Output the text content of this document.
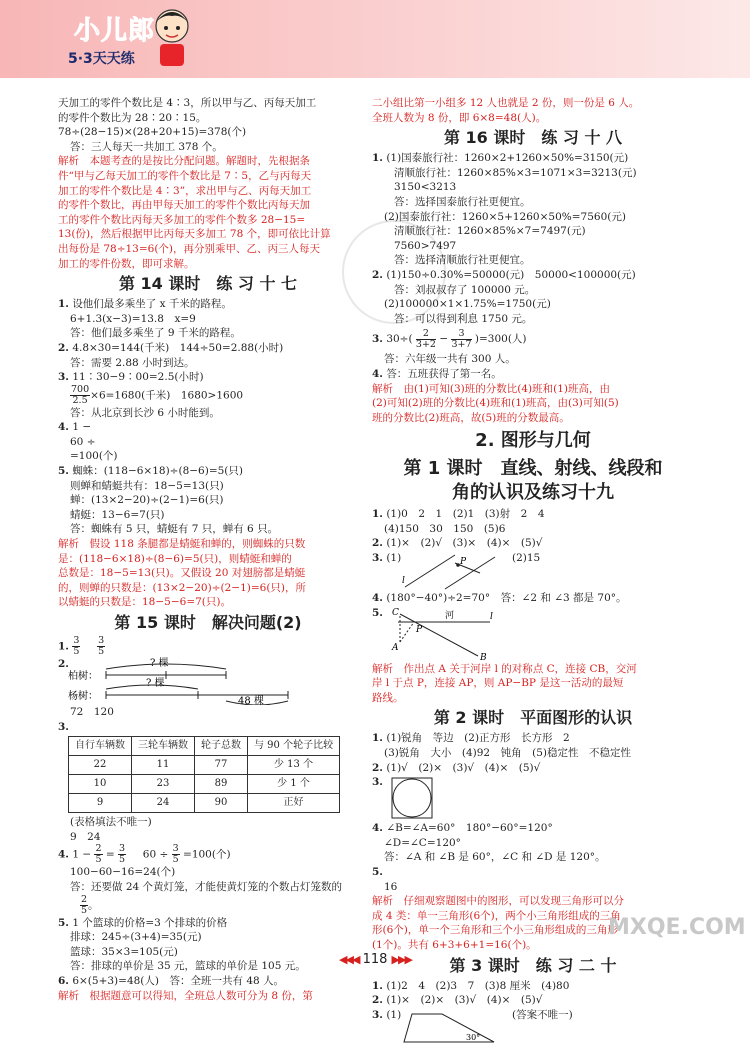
小儿郎
5·3天天练
天加工的零件个数比是 4∶3，所以甲与乙、丙每天加工
的零件个数比为 28∶20∶15。
78÷(28−15)×(28+20+15)=378(个)
答：三人每天一共加工 378 个。
解析　本题考查的是按比分配问题。解题时，先根据条
件“甲与乙每天加工的零件个数比是 7∶5，乙与丙每天
加工的零件个数比是 4∶3”，求出甲与乙、丙每天加工
的零件个数比，再由甲每天加工的零件个数比丙每天加
工的零件个数比丙每天多加工的零件个数多 28−15=
13(份)，然后根据甲比丙每天多加工 78 个，即可依比计算
出每份是 78÷13=6(个)，再分别乘甲、乙、丙三人每天
加工的零件份数，即可求解。
第 14 课时　练 习 十 七
1. 设他们最多乘坐了 x 千米的路程。
6+1.3(x−3)=13.8　x=9
答：他们最多乘坐了 9 千米的路程。
2. 4.8×30=144(千米)　144÷50=2.88(小时)
答：需要 2.88 小时到达。
3. 11∶30−9∶00=2.5(小时)
$\frac{700}{2.5} \times 6=1680$(千米)　1680>1600
答：从北京到长沙 6 小时能到。
4. 1 −
60 ÷
=100(个)
5. 蜘蛛：(118−6×18)÷(8−6)=5(只)
则蝉和蜻蜓共有：18−5=13(只)
蝉：(13×2−20)÷(2−1)=6(只)
蜻蜓：13−6=7(只)
答：蜘蛛有 5 只，蜻蜓有 7 只，蝉有 6 只。
解析　假设 118 条腿都是蜻蜓和蝉的，则蜘蛛的只数
是：(118−6×18)÷(8−6)=5(只)，则蜻蜓和蝉的
总数是：18−5=13(只)。又假设 20 对翅膀都是蜻蜓
的，则蝉的只数是：(13×2−20)÷(2−1)=6(只)，所
以蜻蜓的只数是：18−5−6=7(只)。
第 15 课时　解决问题(2)
1. $\frac{3}{5}$
$\frac{3}{5}$
2.
柏树：
杨树：
? 棵
? 棵
48 棵
72　120
3.
自行车辆数	三轮车辆数	轮子总数	与 90 个轮子比较
22	11	77	少 13 个
10	23	89	少 1 个
9	24	90	正好
(表格填法不唯一)
9　24
4. $1 - \frac{2}{5} = \frac{3}{5} 60 \div \frac{3}{5} =100$(个)
100−60−16=24(个)
答：还要做 24 个黄灯笼，才能使黄灯笼的个数占灯笼数的
$\frac{2}{5}$ 。
5. 1 个篮球的价格=3 个排球的价格
排球：245÷(3+4)=35(元)
篮球：35×3=105(元)
答：排球的单价是 35 元，篮球的单价是 105 元。
6. 6×(5+3)=48(人)　答：全班一共有 48 人。
解析　根据题意可以得知，全班总人数可分为 8 份，第
二小组比第一小组多 12 人也就是 2 份，则一份是 6 人。
全班人数为 8 份，即 6×8=48(人)。
第 16 课时　练 习 十 八
1. (1)国泰旅行社：1260×2+1260×50%=3150(元)
清顺旅行社：1260×85%×3=1071×3=3213(元)
3150<3213
答：选择国泰旅行社更便宜。
(2)国泰旅行社：1260×5+1260×50%=7560(元)
清顺旅行社：1260×85%×7=7497(元)
7560>7497
答：选择清顺旅行社更便宜。
2. (1)150÷0.30%=50000(元)　50000<100000(元)
答：刘叔叔存了 100000 元。
(2)100000×1×1.75%=1750(元)
答：可以得到利息 1750 元。
3. $30\div( \frac{2}{3+2} - \frac{3}{3+7} )=300$(人)
答：六年级一共有 300 人。
4. 答：五班获得了第一名。
解析　由(1)可知(3)班的分数比(4)班和(1)班高，由
(2)可知(2)班的分数比(4)班和(1)班高，由(3)可知(5)
班的分数比(2)班高，故(5)班的分数最高。
2. 图形与几何
第 1 课时　直线、射线、线段和
角的认识及练习十九
1. (1)0　2　1　(2)1　(3)射　2　4
(4)150　30　150　(5)6
2. (1)×　(2)√　(3)×　(4)×　(5)√
3. (1)	P
l
(2)15
4. (180°−40°)÷2=70°　答：∠2 和 ∠3 都是 70°。
5. C	河	l
P
A
B
解析　作出点 A 关于河岸 l 的对称点 C，连接 CB，交河
岸 l 于点 P，连接 AP，则 AP−BP 是这一活动的最短
路线。
第 2 课时　平面图形的认识
1. (1)锐角　等边　(2)正方形　长方形　2
(3)锐角　大小　(4)92　钝角　(5)稳定性　不稳定性
2. (1)√　(2)×　(3)√　(4)×　(5)√
3.
4. ∠B=∠A=60°　180°−60°=120°
∠D=∠C=120°
答：∠A 和 ∠B 是 60°，∠C 和 ∠D 是 120°。
5.
16
解析　仔细观察题图中的图形，可以发现三角形可以分
成 4 类：单一三角形(6个)，两个小三角形组成的三角
形(6个)，单一个三角形和三个小三角形组成的三角形
(1个)。共有 6+3+6+1=16(个)。
第 3 课时　练 习 二 十
1. (1)2　4　(2)3　7　(3)8 厘米　(4)80
2. (1)×　(2)×　(3)√　(4)×　(5)√
3. (1)
30°
(答案不唯一)
MXQE.COM
◀◀◀ 118 ▶▶▶
